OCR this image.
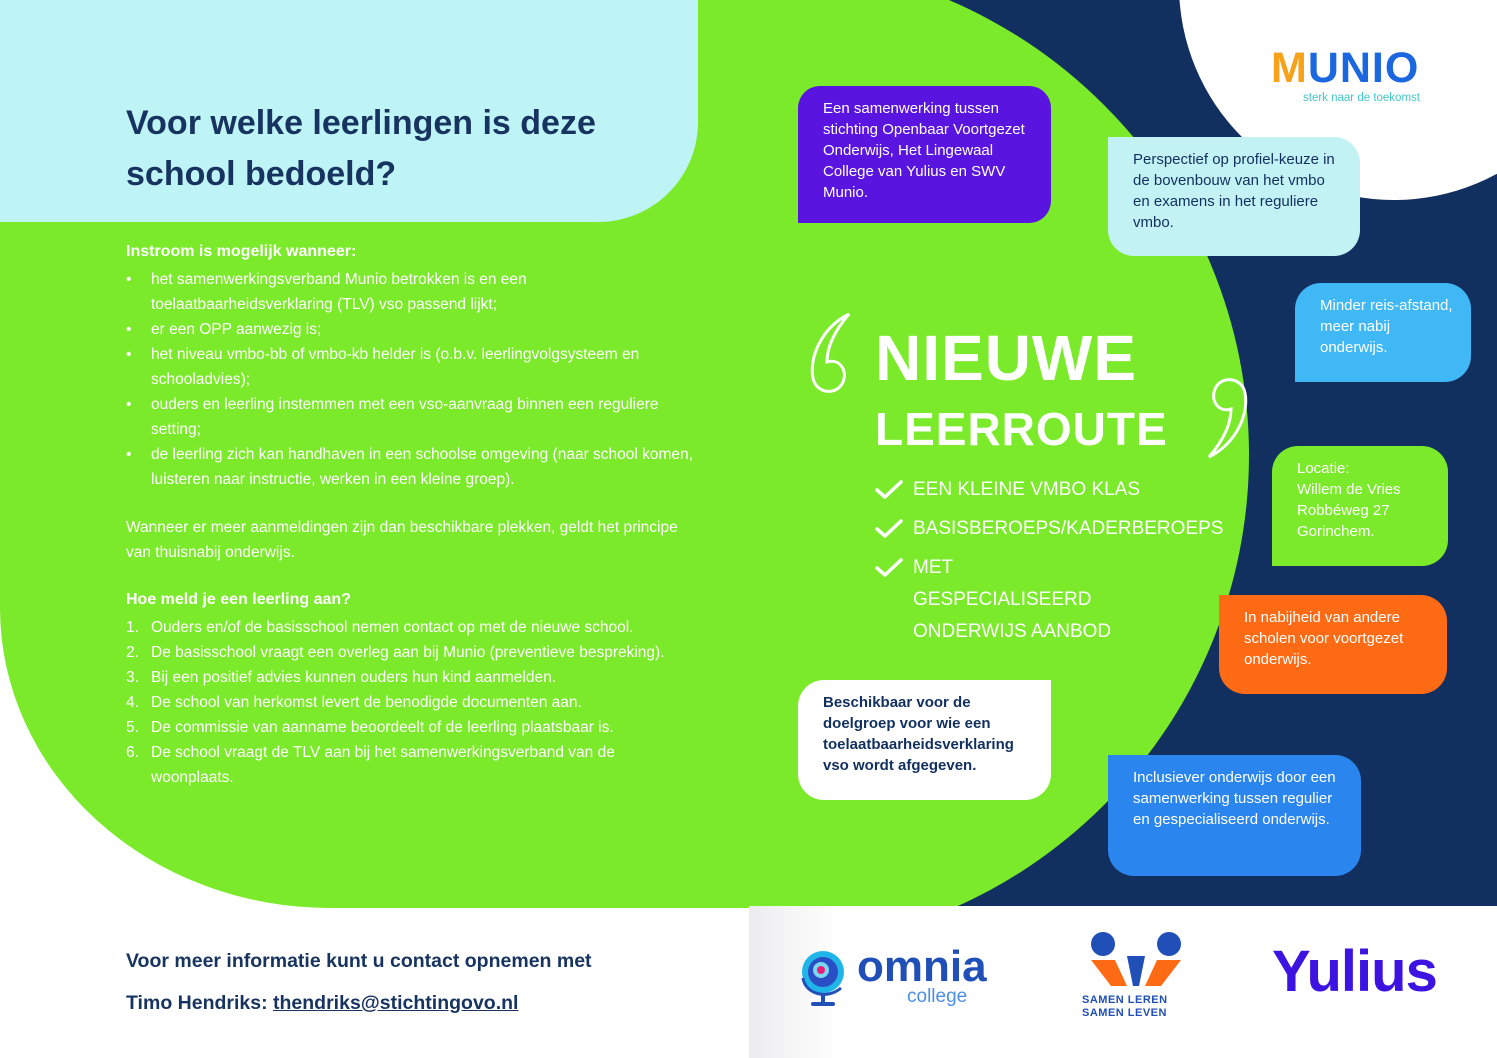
Voor welke leerlingen is deze school bedoeld?
Instroom is mogelijk wanneer:
• het samenwerkingsverband Munio betrokken is en een toelaatbaarheidsverklaring (TLV) vso passend lijkt;
• er een OPP aanwezig is;
• het niveau vmbo-bb of vmbo-kb helder is (o.b.v. leerlingvolgsysteem en schooladvies);
• ouders en leerling instemmen met een vso-aanvraag binnen een reguliere setting;
• de leerling zich kan handhaven in een schoolse omgeving (naar school komen, luisteren naar instructie, werken in een kleine groep).

Wanneer er meer aanmeldingen zijn dan beschikbare plekken, geldt het principe van thuisnabij onderwijs.

Hoe meld je een leerling aan?
1. Ouders en/of de basisschool nemen contact op met de nieuwe school.
2. De basisschool vraagt een overleg aan bij Munio (preventieve bespreking).
3. Bij een positief advies kunnen ouders hun kind aanmelden.
4. De school van herkomst levert de benodigde documenten aan.
5. De commissie van aanname beoordeelt of de leerling plaatsbaar is.
6. De school vraagt de TLV aan bij het samenwerkingsverband van de woonplaats.
Voor meer informatie kunt u contact opnemen met
Timo Hendriks: thendriks@stichtingovo.nl
MUNIO
sterk naar de toekomst
Een samenwerking tussen stichting Openbaar Voortgezet Onderwijs, Het Lingewaal College van Yulius en SWV Munio.
Perspectief op profiel-keuze in de bovenbouw van het vmbo en examens in het reguliere vmbo.
Minder reis-afstand, meer nabij onderwijs.
Locatie:
Willem de Vries
Robbéweg 27
Gorinchem.
In nabijheid van andere scholen voor voortgezet onderwijs.
Beschikbaar voor de doelgroep voor wie een toelaatbaarheidsverklaring vso wordt afgegeven.
Inclusiever onderwijs door een samenwerking tussen regulier en gespecialiseerd onderwijs.
NIEUWE
LEERROUTE
EEN KLEINE VMBO KLAS
BASISBEROEPS/KADERBEROEPS
MET GESPECIALISEERD ONDERWIJS AANBOD
omnia
college	SAMEN LEREN
SAMEN LEVEN
Yulius
